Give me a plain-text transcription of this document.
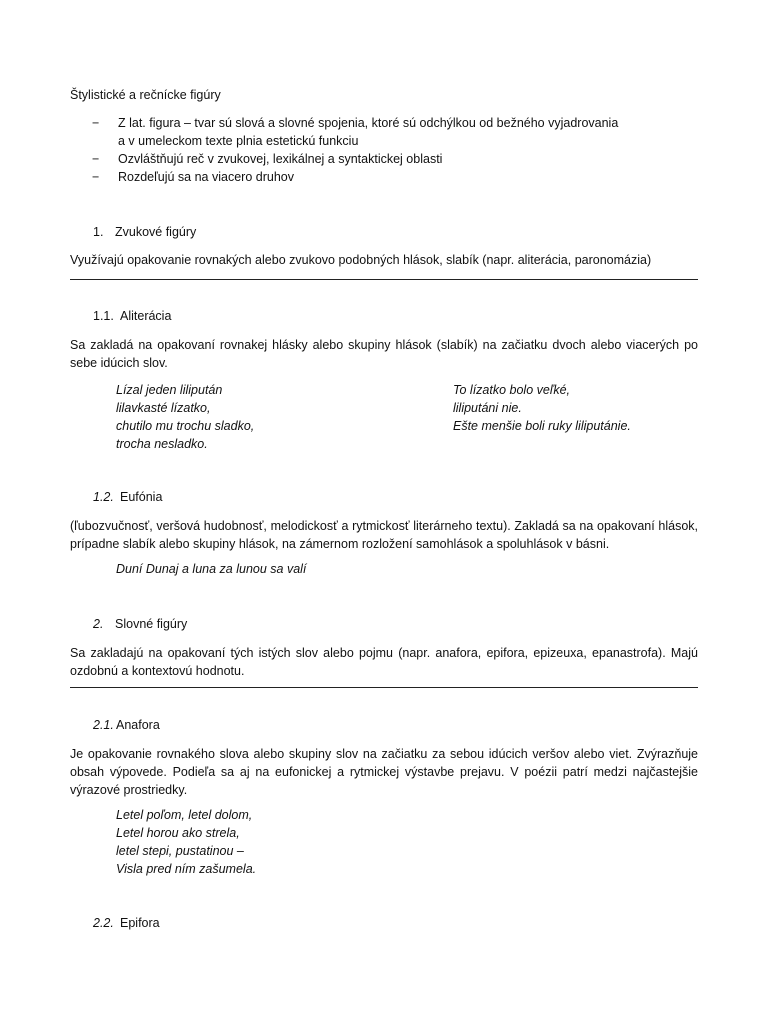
Štylistické a rečnícke figúry
− Z lat. figura – tvar sú slová a slovné spojenia, ktoré sú odchýlkou od bežného vyjadrovania
a v umeleckom texte plnia estetickú funkciu
− Ozvláštňujú reč v zvukovej, lexikálnej a syntaktickej oblasti
− Rozdeľujú sa na viacero druhov
1. Zvukové figúry
Využívajú opakovanie rovnakých alebo zvukovo podobných hlások, slabík (napr. aliterácia, paronomázia)
1.1. Aliterácia
Sa zakladá na opakovaní rovnakej hlásky alebo skupiny hlások (slabík) na začiatku dvoch alebo viacerých po sebe idúcich slov.
Lízal jeden lilipután
lilavkasté lízatko,
chutilo mu trochu sladko,
trocha nesladko.
To lízatko bolo veľké,
liliputáni nie.
Ešte menšie boli ruky liliputánie.
1.2. Eufónia
(ľubozvučnosť, veršová hudobnosť, melodickosť a rytmickosť literárneho textu). Zakladá sa na opakovaní hlások, prípadne slabík alebo skupiny hlások, na zámernom rozložení samohlások a spoluhlások v básni.
Duní Dunaj a luna za lunou sa valí
2. Slovné figúry
Sa zakladajú na opakovaní tých istých slov alebo pojmu (napr. anafora, epifora, epizeuxa, epanastrofa). Majú ozdobnú a kontextovú hodnotu.
2.1. Anafora
Je opakovanie rovnakého slova alebo skupiny slov na začiatku za sebou idúcich veršov alebo viet. Zvýrazňuje obsah výpovede. Podieľa sa aj na eufonickej a rytmickej výstavbe prejavu. V poézii patrí medzi najčastejšie výrazové prostriedky.
Letel poľom, letel dolom,
Letel horou ako strela,
letel stepi, pustatinou –
Visla pred ním zašumela.
2.2. Epifora
